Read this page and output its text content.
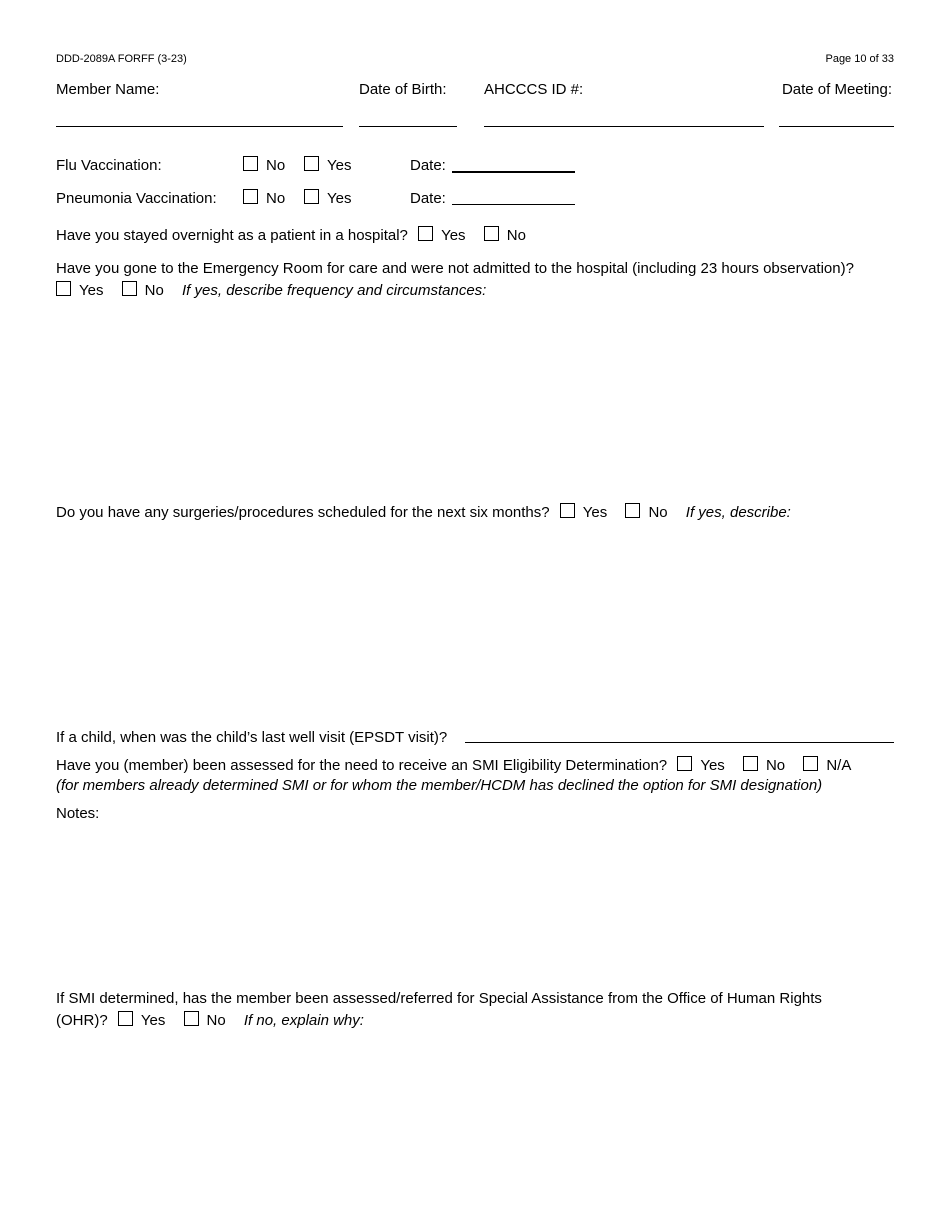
DDD-2089A FORFF (3-23)	Page 10 of 33
Member Name:	Date of Birth: AHCCCS ID #:	Date of Meeting:
Flu Vaccination:	No	Yes	Date:
Pneumonia Vaccination:	No	Yes	Date:
Have you stayed overnight as a patient in a hospital? Yes	No
Have you gone to the Emergency Room for care and were not admitted to the hospital (including 23 hours observation)?
Yes	No If yes, describe frequency and circumstances:
Do you have any surgeries/procedures scheduled for the next six months? Yes	No If yes, describe:
If a child, when was the child’s last well visit (EPSDT visit)?
Have you (member) been assessed for the need to receive an SMI Eligibility Determination? Yes	No	N/A
(for members already determined SMI or for whom the member/HCDM has declined the option for SMI designation)
Notes:
If SMI determined, has the member been assessed/referred for Special Assistance from the Office of Human Rights
(OHR)? Yes	No If no, explain why:
